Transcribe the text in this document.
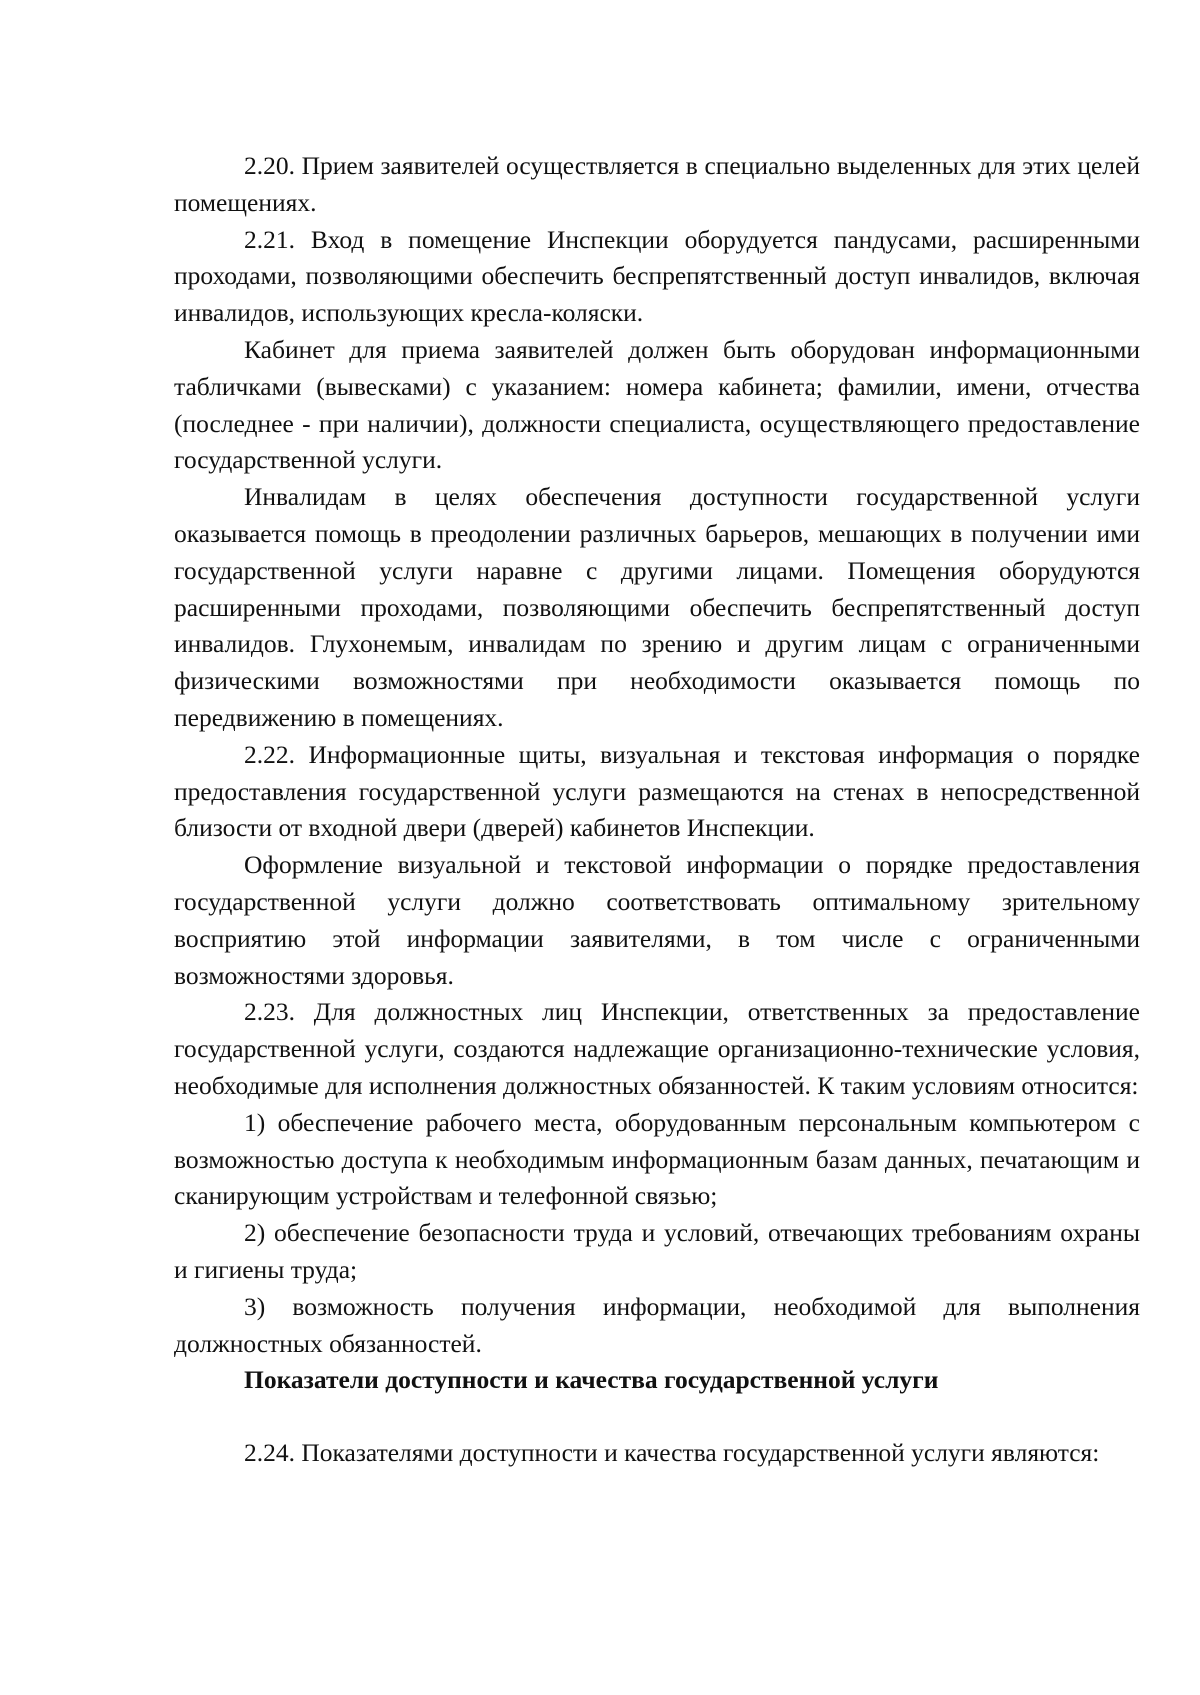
2.20. Прием заявителей осуществляется в специально выделенных для этих целей помещениях.

2.21. Вход в помещение Инспекции оборудуется пандусами, расширенными проходами, позволяющими обеспечить беспрепятственный доступ инвалидов, включая инвалидов, использующих кресла-коляски.

Кабинет для приема заявителей должен быть оборудован информационными табличками (вывесками) с указанием: номера кабинета; фамилии, имени, отчества (последнее - при наличии), должности специалиста, осуществляющего предоставление государственной услуги.

Инвалидам в целях обеспечения доступности государственной услуги оказывается помощь в преодолении различных барьеров, мешающих в получении ими государственной услуги наравне с другими лицами. Помещения оборудуются расширенными проходами, позволяющими обеспечить беспрепятственный доступ инвалидов. Глухонемым, инвалидам по зрению и другим лицам с ограниченными физическими возможностями при необходимости оказывается помощь по передвижению в помещениях.

2.22. Информационные щиты, визуальная и текстовая информация о порядке предоставления государственной услуги размещаются на стенах в непосредственной близости от входной двери (дверей) кабинетов Инспекции.

Оформление визуальной и текстовой информации о порядке предоставления государственной услуги должно соответствовать оптимальному зрительному восприятию этой информации заявителями, в том числе с ограниченными возможностями здоровья.

2.23. Для должностных лиц Инспекции, ответственных за предоставление государственной услуги, создаются надлежащие организационно-технические условия, необходимые для исполнения должностных обязанностей. К таким условиям относится:

1) обеспечение рабочего места, оборудованным персональным компьютером с возможностью доступа к необходимым информационным базам данных, печатающим и сканирующим устройствам и телефонной связью;

2) обеспечение безопасности труда и условий, отвечающих требованиям охраны и гигиены труда;

3) возможность получения информации, необходимой для выполнения должностных обязанностей.

Показатели доступности и качества государственной услуги

2.24. Показателями доступности и качества государственной услуги являются:
